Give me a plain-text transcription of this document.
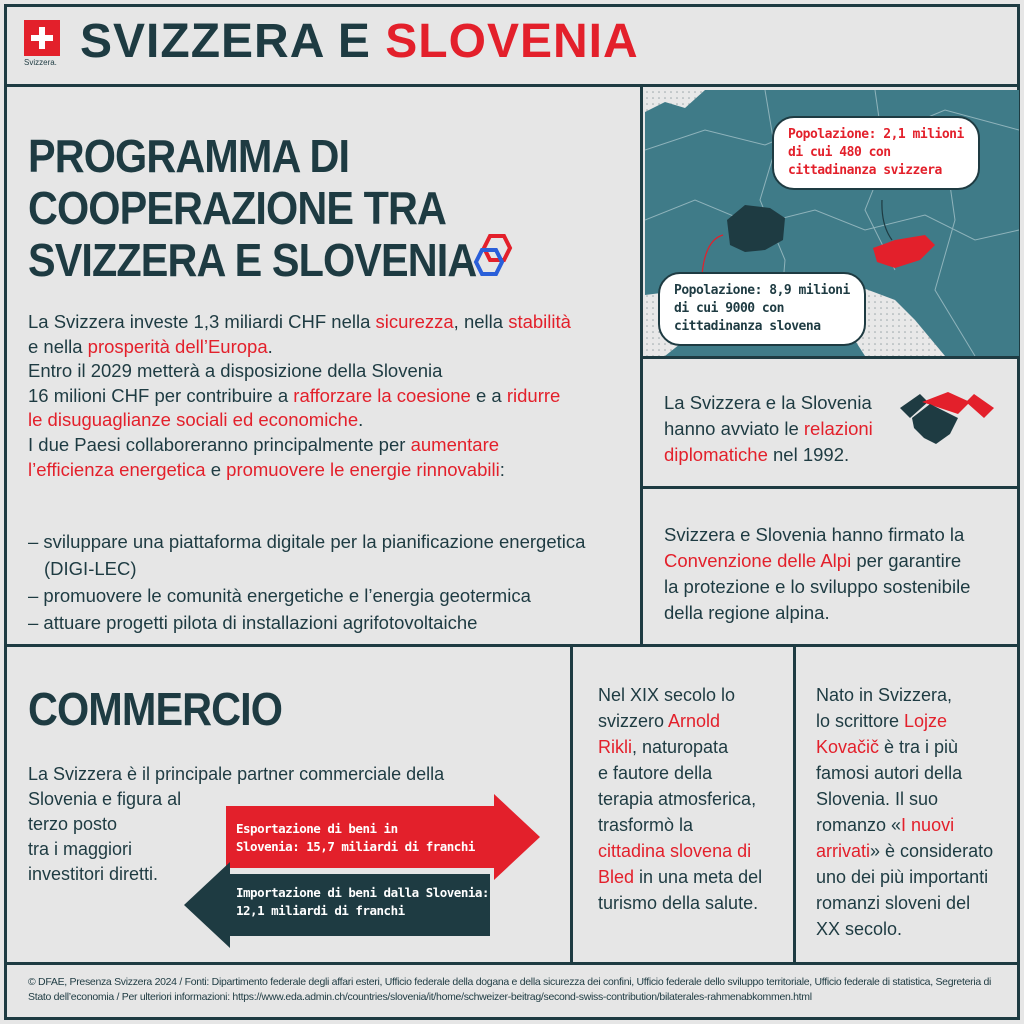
Svizzera. SVIZZERA E SLOVENIA
PROGRAMMA DI
COOPERAZIONE TRA
SVIZZERA E SLOVENIA

La Svizzera investe 1,3 miliardi CHF nella sicurezza, nella stabilità

e nella prosperità dell’Europa.

Entro il 2029 metterà a disposizione della Slovenia

16 milioni CHF per contribuire a rafforzare la coesione e a ridurre

le disuguaglianze sociali ed economiche.

I due Paesi collaboreranno principalmente per aumentare

l’efficienza energetica e promuovere le energie rinnovabili:

– sviluppare una piattaforma digitale per la pianificazione energetica
(DIGI-LEC)
– promuovere le comunità energetiche e l’energia geotermica
– attuare progetti pilota di installazioni agrifotovoltaiche
Popolazione: 2,1 milioni
di cui 480 con
cittadinanza svizzera
Popolazione: 8,9 milioni
di cui 9000 con
cittadinanza slovena
La Svizzera e la Slovenia
hanno avviato le relazioni
diplomatiche nel 1992.
Svizzera e Slovenia hanno firmato la
Convenzione delle Alpi per garantire
la protezione e lo sviluppo sostenibile
della regione alpina.
COMMERCIO
La Svizzera è il principale partner commerciale della
Slovenia e figura al
terzo posto
tra i maggiori
investitori diretti.
Esportazione di beni in
Slovenia: 15,7 miliardi di franchi
Importazione di beni dalla Slovenia:
12,1 miliardi di franchi
Nel XIX secolo lo
svizzero Arnold
Rikli, naturopata
e fautore della
terapia atmosferica,
trasformò la
cittadina slovena di
Bled in una meta del
turismo della salute.
Nato in Svizzera,
lo scrittore Lojze
Kovačič è tra i più
famosi autori della
Slovenia. Il suo
romanzo «I nuovi
arrivati» è considerato
uno dei più importanti
romanzi sloveni del
XX secolo.
© DFAE, Presenza Svizzera 2024 / Fonti: Dipartimento federale degli affari esteri, Ufficio federale della dogana e della sicurezza dei confini, Ufficio federale dello sviluppo territoriale, Ufficio federale di statistica, Segreteria di
Stato dell’economia / Per ulteriori informazioni: https://www.eda.admin.ch/countries/slovenia/it/home/schweizer-beitrag/second-swiss-contribution/bilaterales-rahmenabkommen.html
